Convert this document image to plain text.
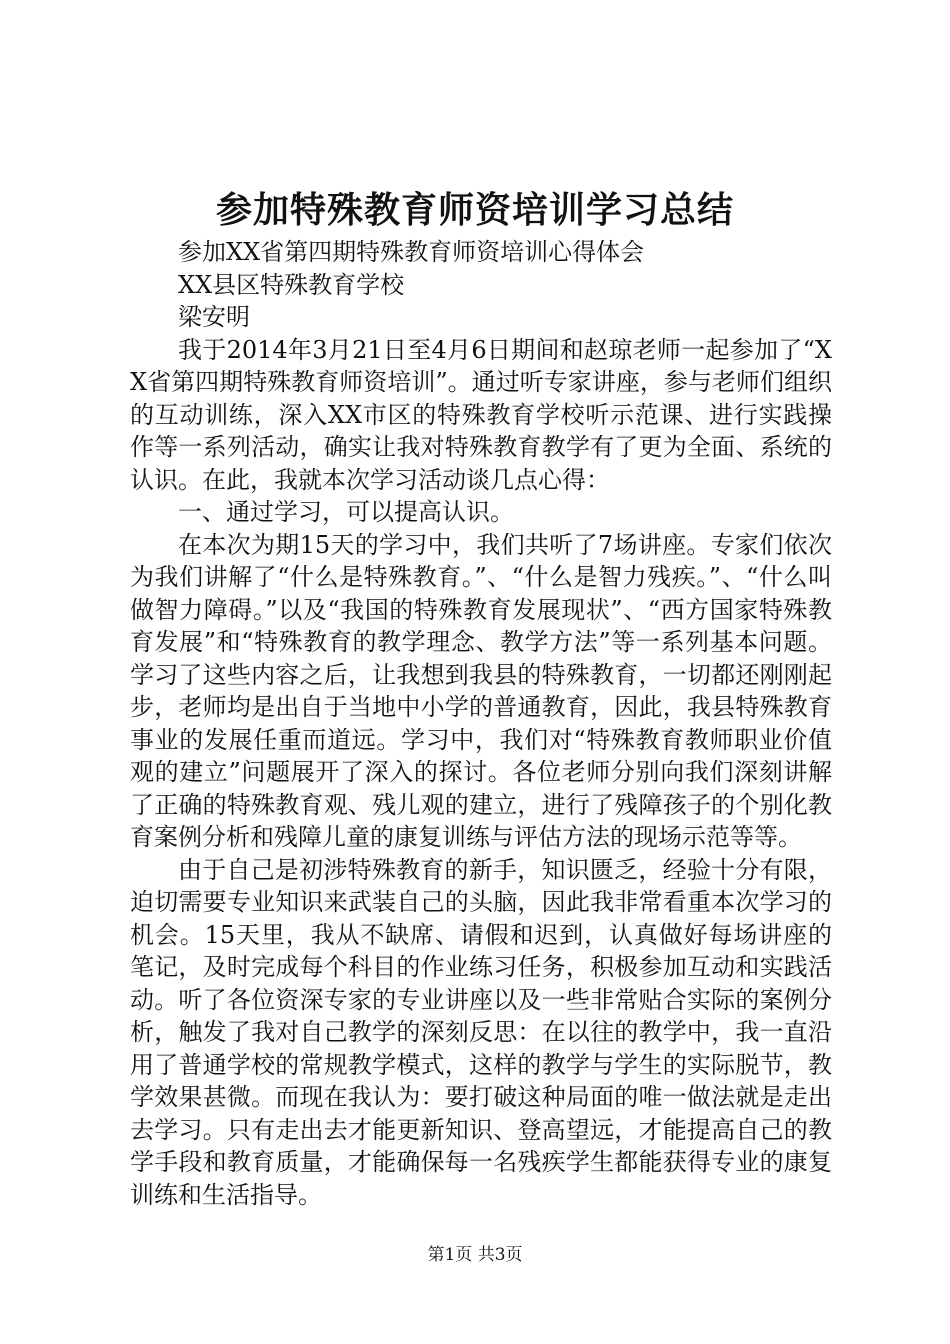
参加特殊教育师资培训学习总结

参加XX省第四期特殊教育师资培训心得体会

XX县区特殊教育学校

梁安明

我于2014年3月21日至4月6日期间和赵琼老师一起参加了“XX省第四期特殊教育师资培训”。通过听专家讲座，参与老师们组织的互动训练，深入XX市区的特殊教育学校听示范课、进行实践操作等一系列活动，确实让我对特殊教育教学有了更为全面、系统的认识。在此，我就本次学习活动谈几点心得：

一、通过学习，可以提高认识。

在本次为期15天的学习中，我们共听了7场讲座。专家们依次为我们讲解了“什么是特殊教育。”、“什么是智力残疾。”、“什么叫做智力障碍。”以及“我国的特殊教育发展现状”、“西方国家特殊教育发展”和“特殊教育的教学理念、教学方法”等一系列基本问题。学习了这些内容之后，让我想到我县的特殊教育，一切都还刚刚起步，老师均是出自于当地中小学的普通教育，因此，我县特殊教育事业的发展任重而道远。学习中，我们对“特殊教育教师职业价值观的建立”问题展开了深入的探讨。各位老师分别向我们深刻讲解了正确的特殊教育观、残儿观的建立，进行了残障孩子的个别化教育案例分析和残障儿童的康复训练与评估方法的现场示范等等。

由于自己是初涉特殊教育的新手，知识匮乏，经验十分有限，迫切需要专业知识来武装自己的头脑，因此我非常看重本次学习的机会。15天里，我从不缺席、请假和迟到，认真做好每场讲座的笔记，及时完成每个科目的作业练习任务，积极参加互动和实践活动。听了各位资深专家的专业讲座以及一些非常贴合实际的案例分析，触发了我对自己教学的深刻反思：在以往的教学中，我一直沿用了普通学校的常规教学模式，这样的教学与学生的实际脱节，教学效果甚微。而现在我认为：要打破这种局面的唯一做法就是走出去学习。只有走出去才能更新知识、登高望远，才能提高自己的教学手段和教育质量，才能确保每一名残疾学生都能获得专业的康复训练和生活指导。

第1页 共3页
